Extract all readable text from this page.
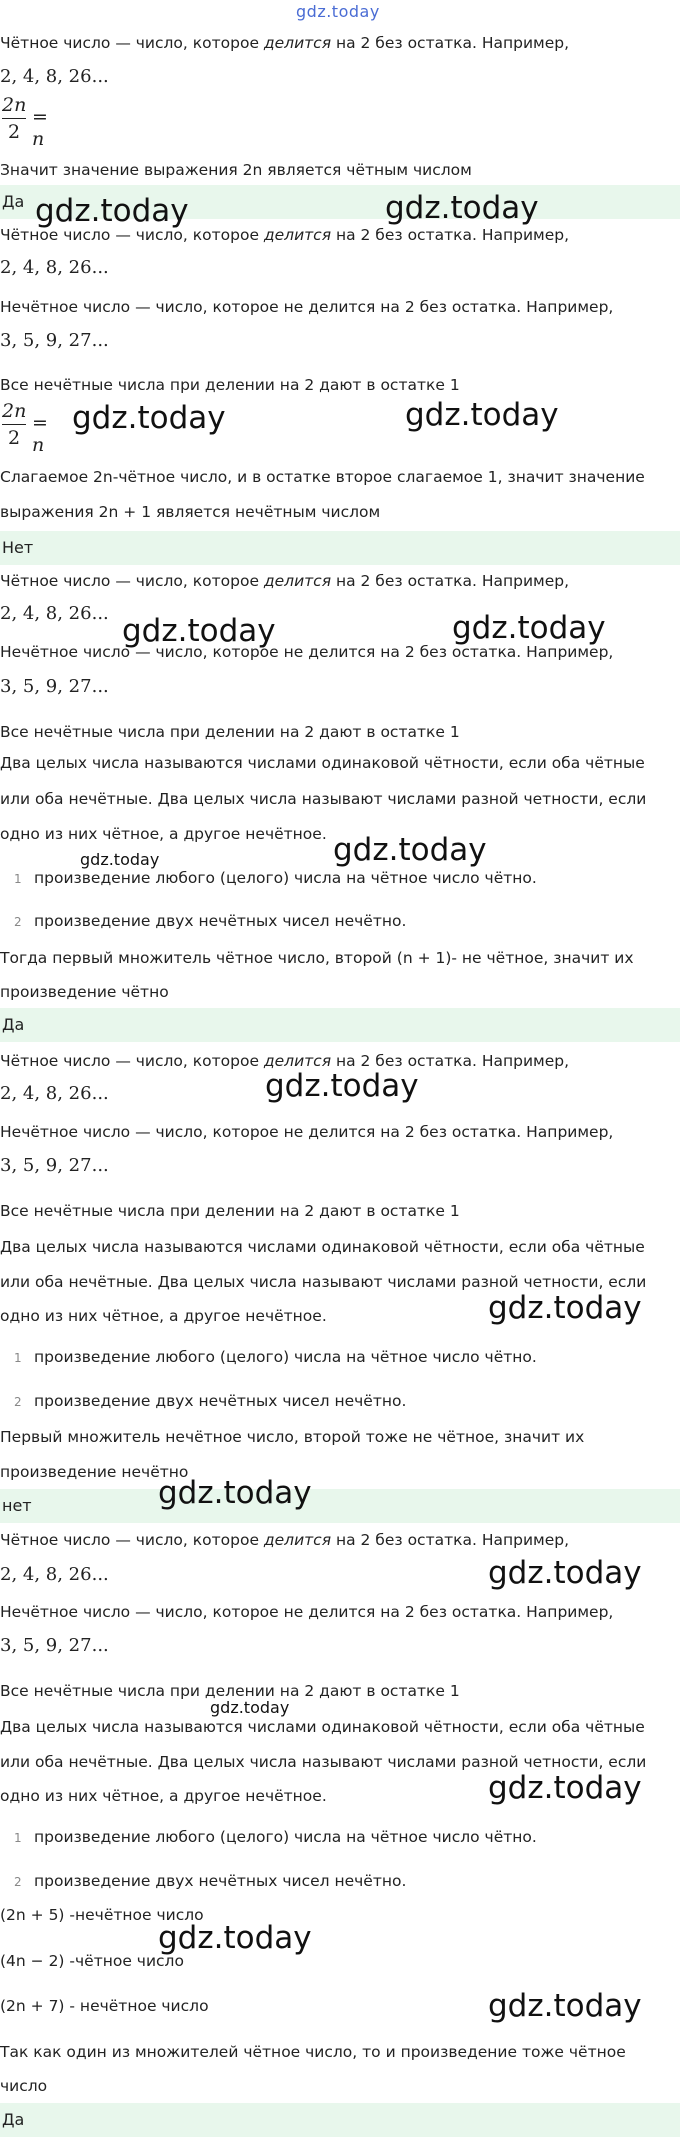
gdz.today
Чётное число — число, которое делится на 2 без остатка. Например,
2, 4, 8, 26...
2n
2
= n
Значит значение выражения 2n является чётным числом
Да gdz.today	gdz.today
Чётное число — число, которое делится на 2 без остатка. Например,
2, 4, 8, 26...
Нечётное число — число, которое не делится на 2 без остатка. Например,
3, 5, 9, 27...
Все нечётные числа при делении на 2 дают в остатке 1
2n
2
= n
gdz.today	gdz.today
Слагаемое 2n-чётное число, и в остатке второе слагаемое 1, значит значение
выражения 2n + 1 является нечётным числом
Нет
Чётное число — число, которое делится на 2 без остатка. Например,
2, 4, 8, 26... gdz.today	gdz.today
Нечётное число — число, которое не делится на 2 без остатка. Например,
3, 5, 9, 27...
Все нечётные числа при делении на 2 дают в остатке 1
Два целых числа называются числами одинаковой чётности, если оба чётные
или оба нечётные. Два целых числа называют числами разной четности, если
одно из них чётное, а другое нечётное. gdz.today
gdz.today
1 произведение любого (целого) числа на чётное число чётно.
2 произведение двух нечётных чисел нечётно.
Тогда первый множитель чётное число, второй (n + 1)- не чётное, значит их
произведение чётно
Да
Чётное число — число, которое делится на 2 без остатка. Например,
gdz.today
2, 4, 8, 26...
Нечётное число — число, которое не делится на 2 без остатка. Например,
3, 5, 9, 27...
Все нечётные числа при делении на 2 дают в остатке 1
Два целых числа называются числами одинаковой чётности, если оба чётные
или оба нечётные. Два целых числа называют числами разной четности, если
одно из них чётное, а другое нечётное.	gdz.today
1 произведение любого (целого) числа на чётное число чётно.
2 произведение двух нечётных чисел нечётно.
Первый множитель нечётное число, второй тоже не чётное, значит их
произведение нечётно
нет	gdz.today
Чётное число — число, которое делится на 2 без остатка. Например,
2, 4, 8, 26...	gdz.today
Нечётное число — число, которое не делится на 2 без остатка. Например,
3, 5, 9, 27...
Все нечётные числа при делении на 2 дают в остатке 1
gdz.today
Два целых числа называются числами одинаковой чётности, если оба чётные
или оба нечётные. Два целых числа называют числами разной четности, если
одно из них чётное, а другое нечётное.	gdz.today
1 произведение любого (целого) числа на чётное число чётно.
2 произведение двух нечётных чисел нечётно.
(2n + 5) -нечётное число
gdz.today
(4n − 2) -чётное число
(2n + 7) - нечётное число	gdz.today
Так как один из множителей чётное число, то и произведение тоже чётное
число
Да
